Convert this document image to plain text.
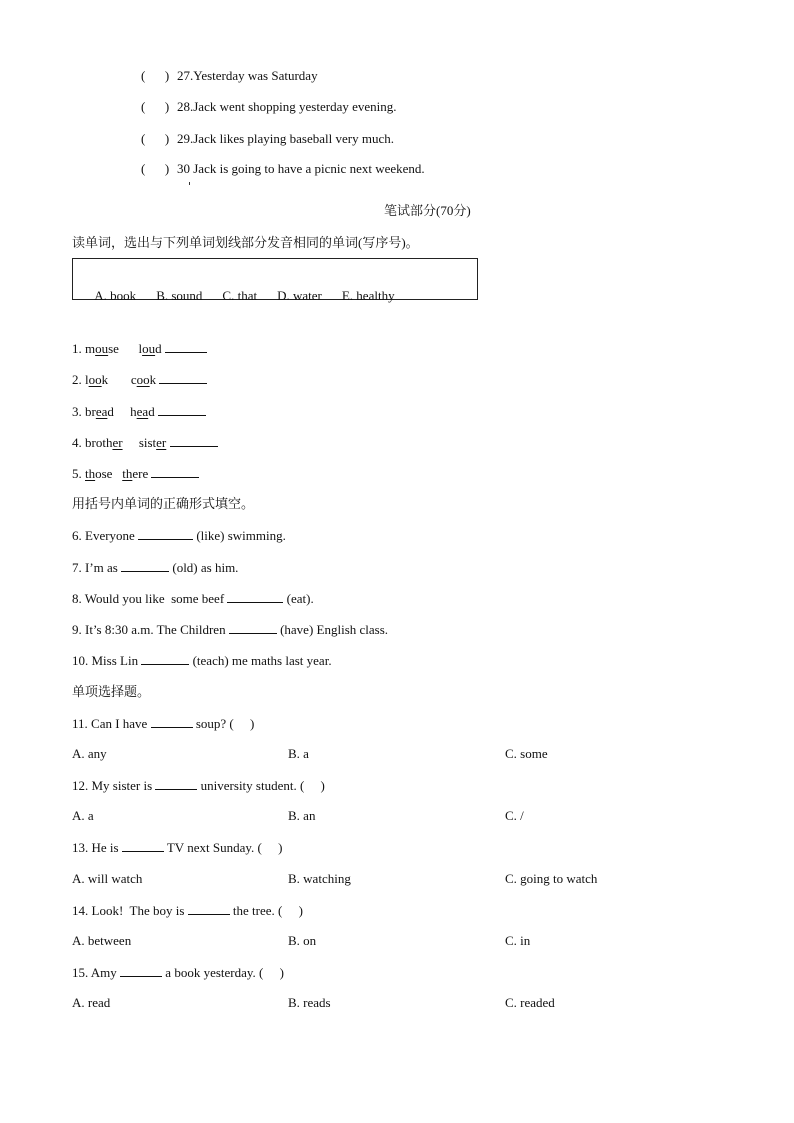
( ) 27.Yesterday was Saturday
( ) 28.Jack went shopping yesterday evening.
( ) 29.Jack likes playing baseball very much.
( ) 30 Jack is going to have a picnic next weekend.
笔试部分(70分)
读单词，选出与下列单词划线部分发音相同的单词(写序号)。

A. book B. sound C. that D. water E. healthy

1. mouse loud
2. look cook
3. bread head
4. brother sister
5. those there
用括号内单词的正确形式填空。
6. Everyone	(like) swimming.
7. I’m as	(old) as him.
8. Would you like  some beef	(eat).
9. It’s 8:30 a.m. The Children	(have) English class.
10. Miss Lin	(teach) me maths last year.
单项选择题。
11. Can I have	soup? (     )
A. any	B. a	C. some
12. My sister is	university student. (     )
A. a	B. an	C. /
13. He is	TV next Sunday. (     )
A. will watch	B. watching	C. going to watch
14. Look!  The boy is	the tree. (     )
A. between	B. on	C. in
15. Amy	a book yesterday. (     )
A. read	B. reads	C. readed
